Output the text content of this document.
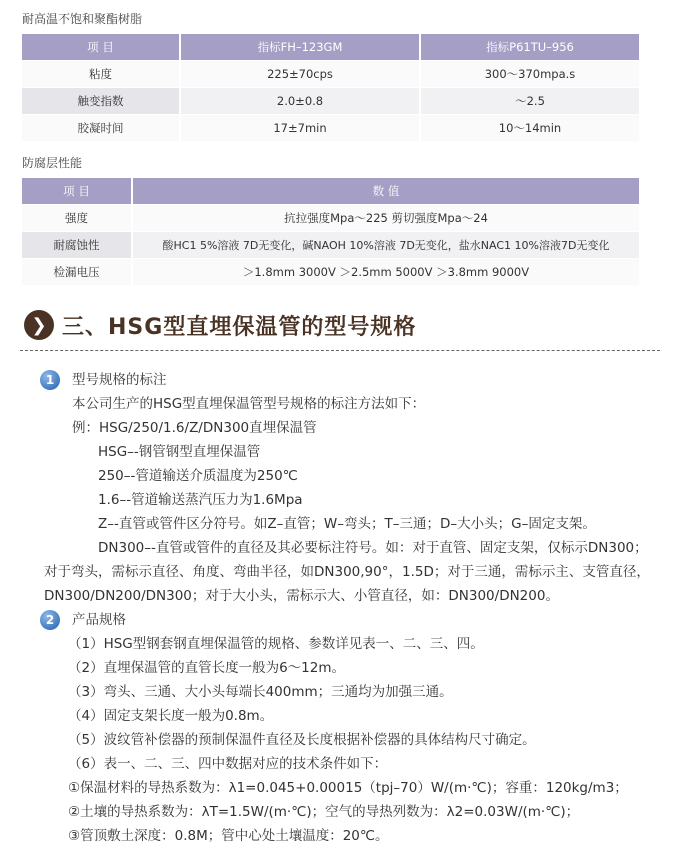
耐高温不饱和聚酯树脂
项 目	指标FH–123GM	指标P61TU–956
粘度	225±70cps	300～370mpa.s
触变指数	2.0±0.8	～2.5
胶凝时间	17±7min	10～14min
防腐层性能
项 目	数 值
强度	抗拉强度Mpa～225 剪切强度Mpa～24
耐腐蚀性	酸HC1 5%溶液 7D无变化，碱NAOH 10%溶液 7D无变化，盐水NAC1 10%溶液7D无变化
检漏电压	＞1.8mm 3000V ＞2.5mm 5000V ＞3.8mm 9000V
❯ 三、HSG型直埋保温管的型号规格
1	型号规格的标注
本公司生产的HSG型直埋保温管型号规格的标注方法如下：
例：HSG/250/1.6/Z/DN300直埋保温管
HSG–-钢管钢型直埋保温管
250–-管道输送介质温度为250℃
1.6–-管道输送蒸汽压力为1.6Mpa
Z–-直管或管件区分符号。如Z–直管；W–弯头；T–三通；D–大小头；G–固定支架。
DN300–-直管或管件的直径及其必要标注符号。如：对于直管、固定支架，仅标示DN300；
对于弯头，需标示直径、角度、弯曲半径，如DN300,90°，1.5D；对于三通，需标示主、支管直径，
DN300/DN200/DN300；对于大小头，需标示大、小管直径，如：DN300/DN200。
2	产品规格
（1）HSG型钢套钢直埋保温管的规格、参数详见表一、二、三、四。
（2）直埋保温管的直管长度一般为6～12m。
（3）弯头、三通、大小头每端长400mm；三通均为加强三通。
（4）固定支架长度一般为0.8m。
（5）波纹管补偿器的预制保温件直径及长度根据补偿器的具体结构尺寸确定。
（6）表一、二、三、四中数据对应的技术条件如下：
①保温材料的导热系数为：λ1=0.045+0.00015（tpj–70）W/(m·℃)；容重：120kg/m3；
②土壤的导热系数为：λT=1.5W/(m·℃)；空气的导热列数为：λ2=0.03W/(m·℃)；
③管顶敷土深度：0.8M；管中心处土壤温度：20℃。
